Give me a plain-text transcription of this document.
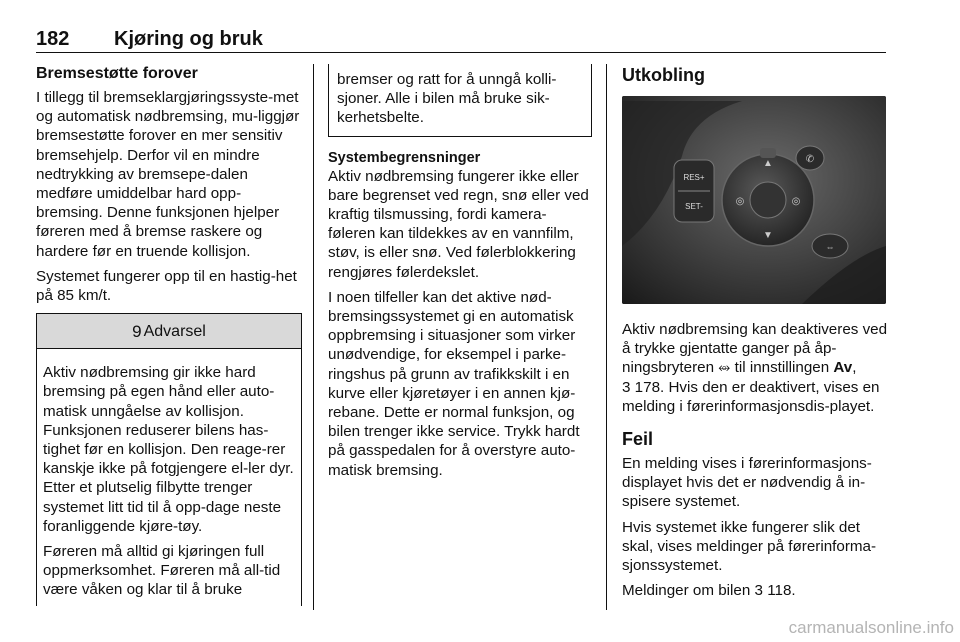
182 Kjøring og bruk
Bremsestøtte forover

I tillegg til bremseklargjøringssyste-met og automatisk nødbremsing, mu-liggjør bremsestøtte forover en mer sensitiv bremsehjelp. Derfor vil en mindre nedtrykking av bremsepe-dalen medføre umiddelbar hard opp-bremsing. Denne funksjonen hjelper føreren med å bremse raskere og hardere før en truende kollisjon.

Systemet fungerer opp til en hastig-het på 85 km/t.

9 Advarsel

Aktiv nødbremsing gir ikke hard bremsing på egen hånd eller auto-matisk unngåelse av kollisjon. Funksjonen reduserer bilens has-tighet før en kollisjon. Den reage-rer kanskje ikke på fotgjengere el-ler dyr. Etter et plutselig filbytte trenger systemet litt tid til å opp-dage neste foranliggende kjøre-tøy.

Føreren må alltid gi kjøringen full oppmerksomhet. Føreren må all-tid være våken og klar til å bruke

bremser og ratt for å unngå kolli-sjoner. Alle i bilen må bruke sik-kerhetsbelte.
Systembegrensninger

Aktiv nødbremsing fungerer ikke eller bare begrenset ved regn, snø eller ved kraftig tilsmussing, fordi kamera-føleren kan tildekkes av en vannfilm, støv, is eller snø. Ved følerblokkering rengjøres følerdekslet.

I noen tilfeller kan det aktive nød-bremsingssystemet gi en automatisk oppbremsing i situasjoner som virker unødvendige, for eksempel i parke-ringshus på grunn av trafikkskilt i en kurve eller kjøretøyer i en annen kjø-rebane. Dette er normal funksjon, og bilen trenger ikke service. Trykk hardt på gasspedalen for å overstyre auto-matisk bremsing.

Utkobling
RES+
SET-
▲
◎	◎
▼
✆
⇔

Aktiv nødbremsing kan deaktiveres ved å trykke gjentatte ganger på åp-ningsbryteren ⥈ til innstillingen Av,
3 178. Hvis den er deaktivert, vises en melding i førerinformasjonsdis-playet.

Feil

En melding vises i førerinformasjons-displayet hvis det er nødvendig å in-spisere systemet.

Hvis systemet ikke fungerer slik det skal, vises meldinger på førerinforma-sjonssystemet.

Meldinger om bilen 3 118.

carmanualsonline.info
